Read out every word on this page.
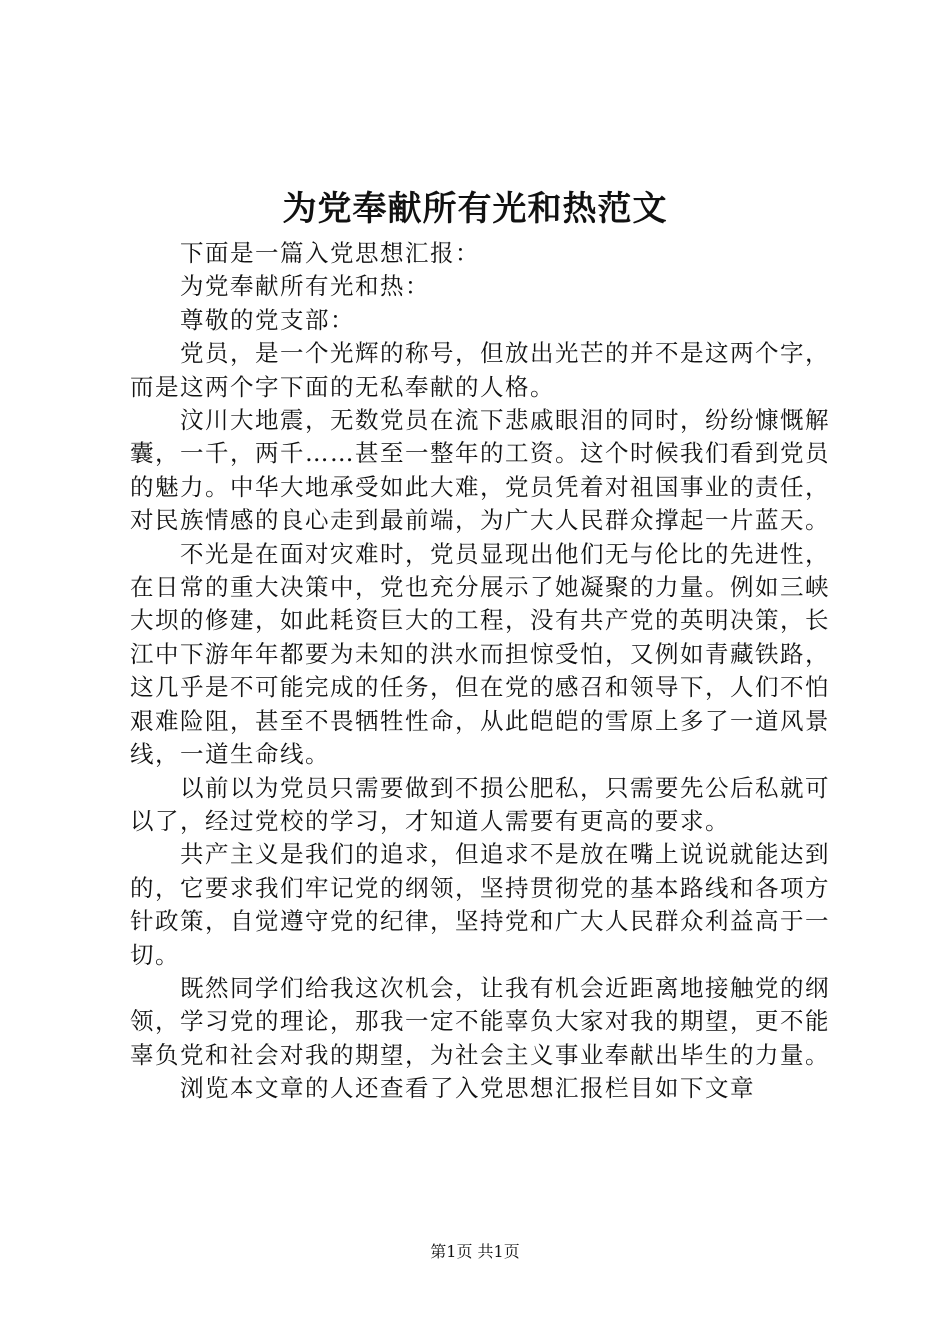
为党奉献所有光和热范文

下面是一篇入党思想汇报：

为党奉献所有光和热：

尊敬的党支部：

党员，是一个光辉的称号，但放出光芒的并不是这两个字，而是这两个字下面的无私奉献的人格。

汶川大地震，无数党员在流下悲戚眼泪的同时，纷纷慷慨解囊，一千，两千……甚至一整年的工资。这个时候我们看到党员的魅力。中华大地承受如此大难，党员凭着对祖国事业的责任，对民族情感的良心走到最前端，为广大人民群众撑起一片蓝天。

不光是在面对灾难时，党员显现出他们无与伦比的先进性，在日常的重大决策中，党也充分展示了她凝聚的力量。例如三峡大坝的修建，如此耗资巨大的工程，没有共产党的英明决策，长江中下游年年都要为未知的洪水而担惊受怕，又例如青藏铁路，这几乎是不可能完成的任务，但在党的感召和领导下，人们不怕艰难险阻，甚至不畏牺牲性命，从此皑皑的雪原上多了一道风景线，一道生命线。

以前以为党员只需要做到不损公肥私，只需要先公后私就可以了，经过党校的学习，才知道人需要有更高的要求。

共产主义是我们的追求，但追求不是放在嘴上说说就能达到的，它要求我们牢记党的纲领，坚持贯彻党的基本路线和各项方针政策，自觉遵守党的纪律，坚持党和广大人民群众利益高于一切。

既然同学们给我这次机会，让我有机会近距离地接触党的纲领，学习党的理论，那我一定不能辜负大家对我的期望，更不能辜负党和社会对我的期望，为社会主义事业奉献出毕生的力量。

浏览本文章的人还查看了入党思想汇报栏目如下文章

第1页 共1页
